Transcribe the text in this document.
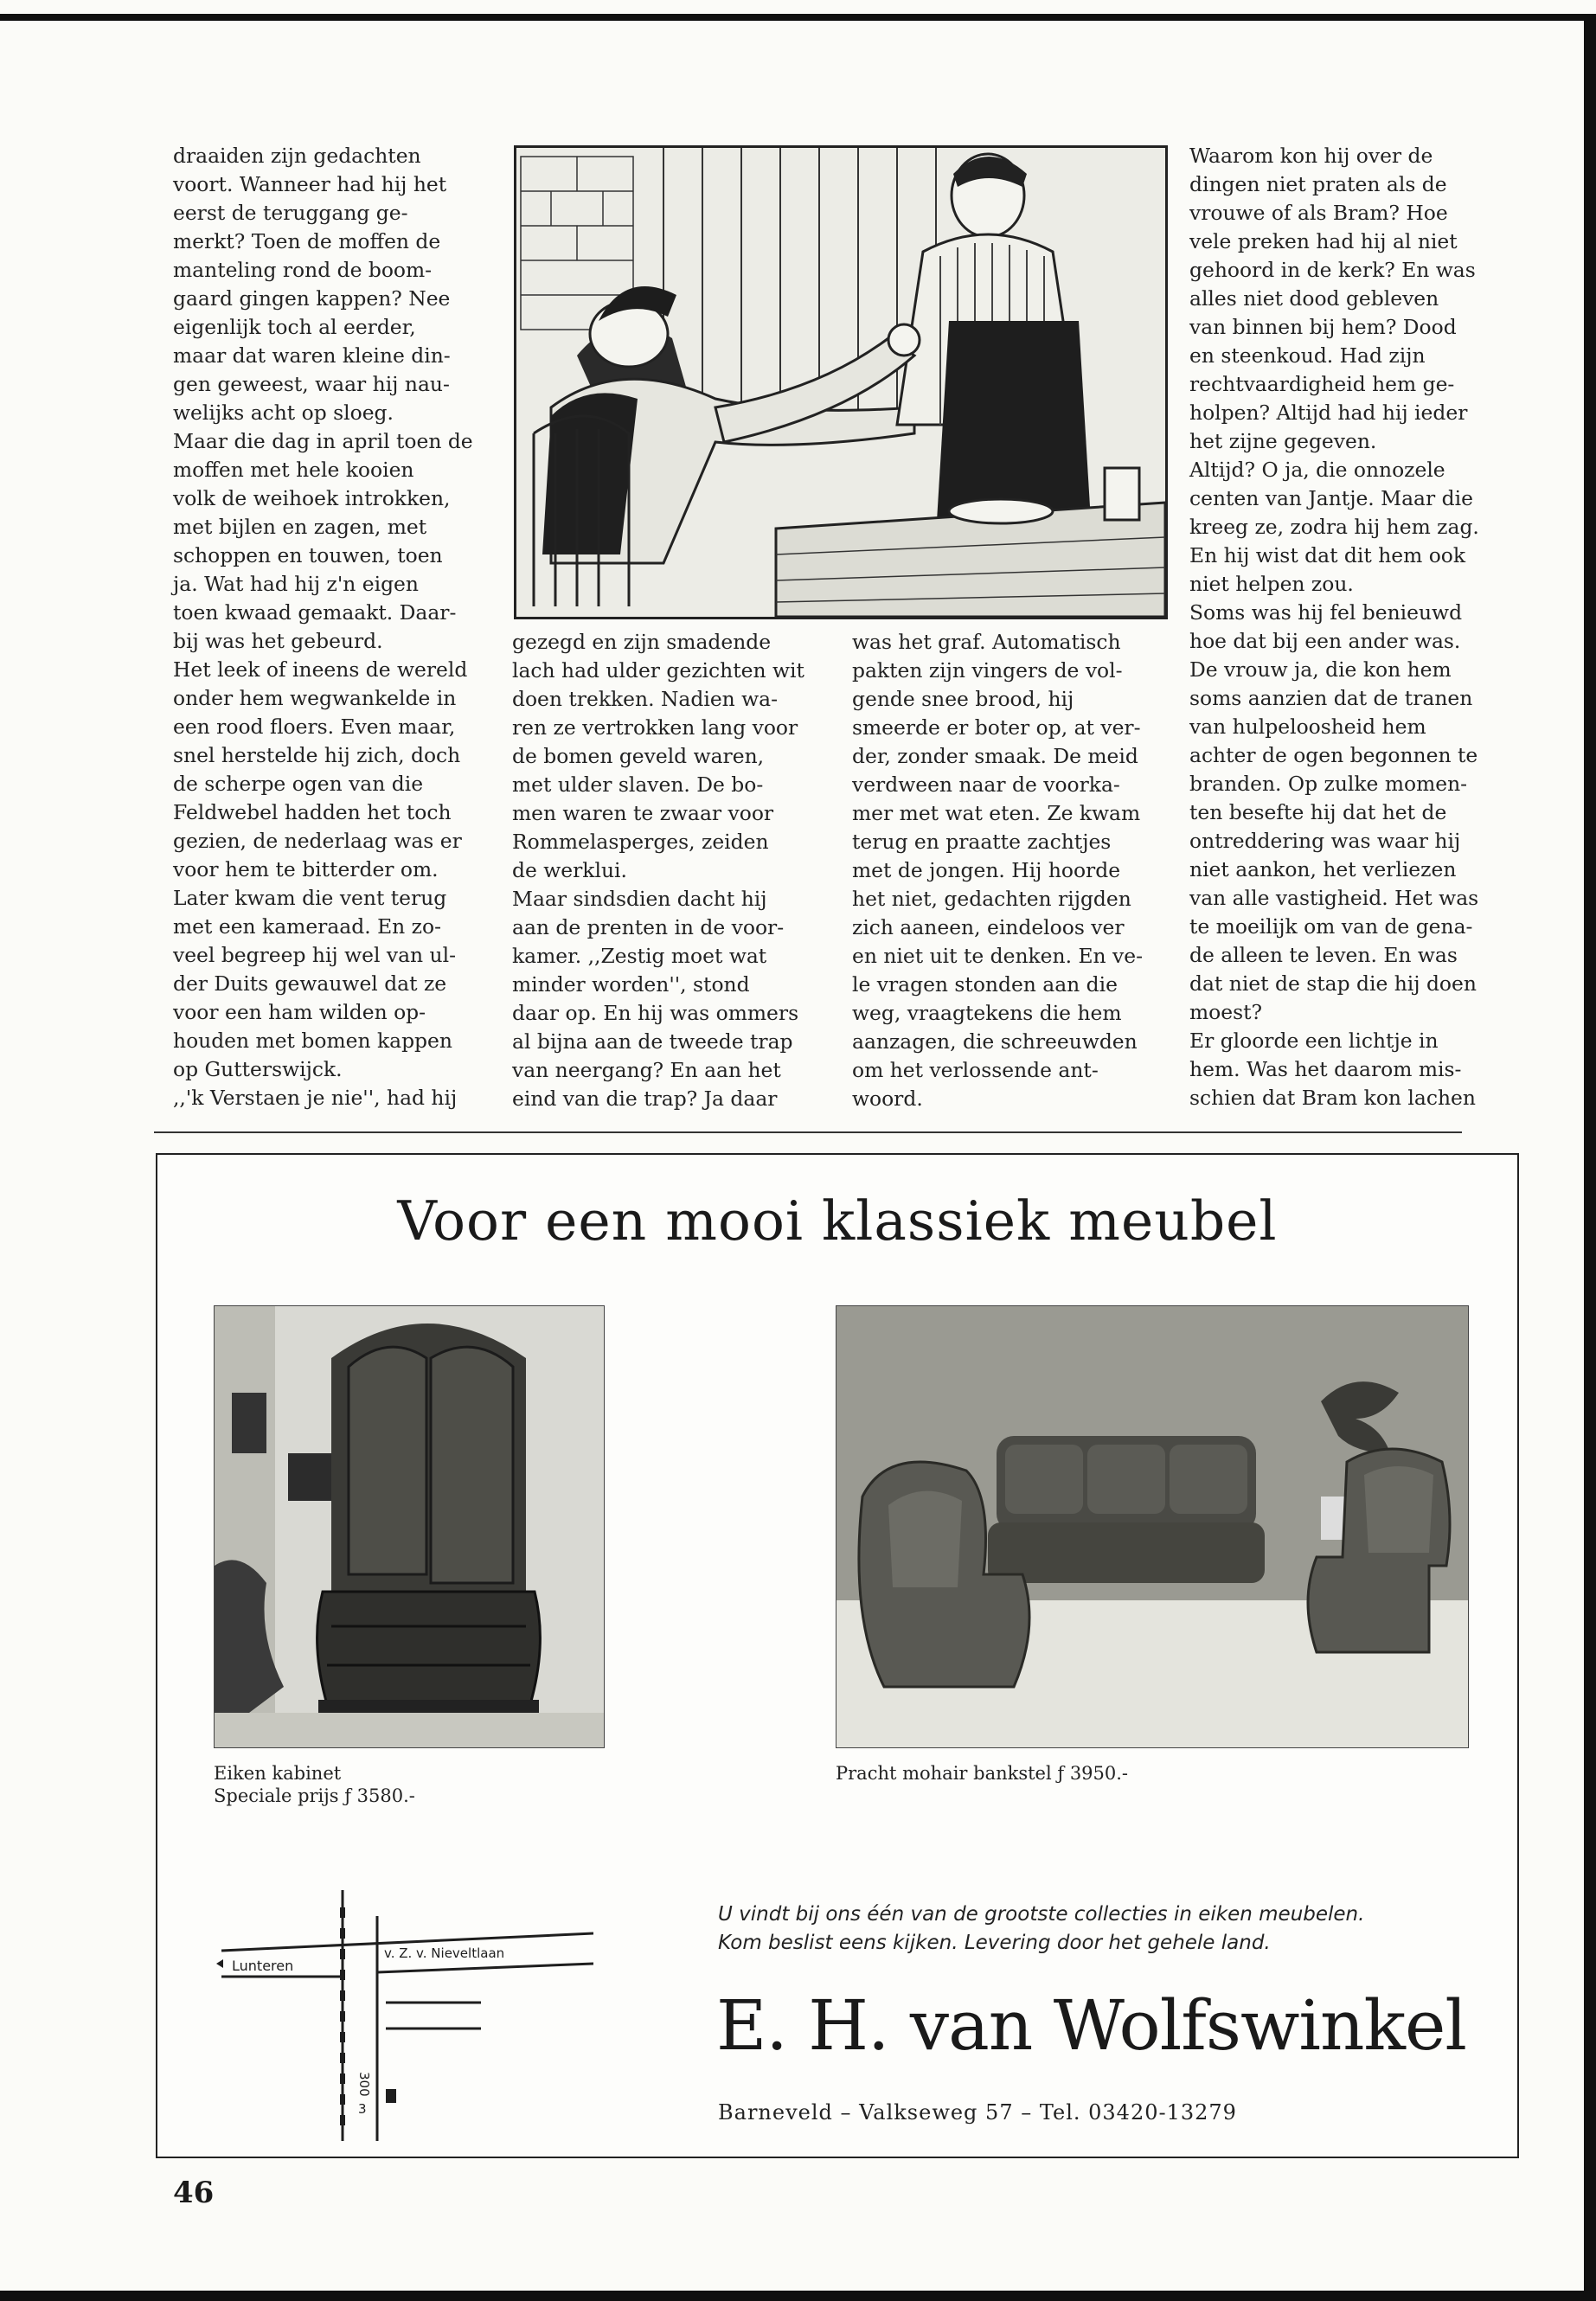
draaiden zijn gedachten
voort. Wanneer had hij het
eerst de teruggang ge-
merkt? Toen de moffen de
manteling rond de boom-
gaard gingen kappen? Nee
eigenlijk toch al eerder,
maar dat waren kleine din-
gen geweest, waar hij nau-
welijks acht op sloeg.
Maar die dag in april toen de
moffen met hele kooien
volk de weihoek introkken,
met bijlen en zagen, met
schoppen en touwen, toen
ja. Wat had hij z'n eigen
toen kwaad gemaakt. Daar-
bij was het gebeurd.
Het leek of ineens de wereld
onder hem wegwankelde in
een rood floers. Even maar,
snel herstelde hij zich, doch
de scherpe ogen van die
Feldwebel hadden het toch
gezien, de nederlaag was er
voor hem te bitterder om.
Later kwam die vent terug
met een kameraad. En zo-
veel begreep hij wel van ul-
der Duits gewauwel dat ze
voor een ham wilden op-
houden met bomen kappen
op Gutterswijck.
,,'k Verstaen je nie'', had hij

gezegd en zijn smadende
lach had ulder gezichten wit
doen trekken. Nadien wa-
ren ze vertrokken lang voor
de bomen geveld waren,
met ulder slaven. De bo-
men waren te zwaar voor
Rommelasperges, zeiden
de werklui.
Maar sindsdien dacht hij
aan de prenten in de voor-
kamer. ,,Zestig moet wat
minder worden'', stond
daar op. En hij was ommers
al bijna aan de tweede trap
van neergang? En aan het
eind van die trap? Ja daar

was het graf. Automatisch
pakten zijn vingers de vol-
gende snee brood, hij
smeerde er boter op, at ver-
der, zonder smaak. De meid
verdween naar de voorka-
mer met wat eten. Ze kwam
terug en praatte zachtjes
met de jongen. Hij hoorde
het niet, gedachten rijgden
zich aaneen, eindeloos ver
en niet uit te denken. En ve-
le vragen stonden aan die
weg, vraagtekens die hem
aanzagen, die schreeuwden
om het verlossende ant-
woord.

Waarom kon hij over de
dingen niet praten als de
vrouwe of als Bram? Hoe
vele preken had hij al niet
gehoord in de kerk? En was
alles niet dood gebleven
van binnen bij hem? Dood
en steenkoud. Had zijn
rechtvaardigheid hem ge-
holpen? Altijd had hij ieder
het zijne gegeven.
Altijd? O ja, die onnozele
centen van Jantje. Maar die
kreeg ze, zodra hij hem zag.
En hij wist dat dit hem ook
niet helpen zou.
Soms was hij fel benieuwd
hoe dat bij een ander was.
De vrouw ja, die kon hem
soms aanzien dat de tranen
van hulpeloosheid hem
achter de ogen begonnen te
branden. Op zulke momen-
ten besefte hij dat het de
ontreddering was waar hij
niet aankon, het verliezen
van alle vastigheid. Het was
te moeilijk om van de gena-
de alleen te leven. En was
dat niet de stap die hij doen
moest?
Er gloorde een lichtje in
hem. Was het daarom mis-
schien dat Bram kon lachen

Voor een mooi klassiek meubel
Eiken kabinet
Speciale prijs ƒ 3580.-
Pracht mohair bankstel ƒ 3950.-
Lunteren
v. Z. v. Nieveltlaan
300
3
U vindt bij ons één van de grootste collecties in eiken meubelen.
Kom beslist eens kijken. Levering door het gehele land.
E. H. van Wolfswinkel
Barneveld – Valkseweg 57 – Tel. 03420-13279
46
